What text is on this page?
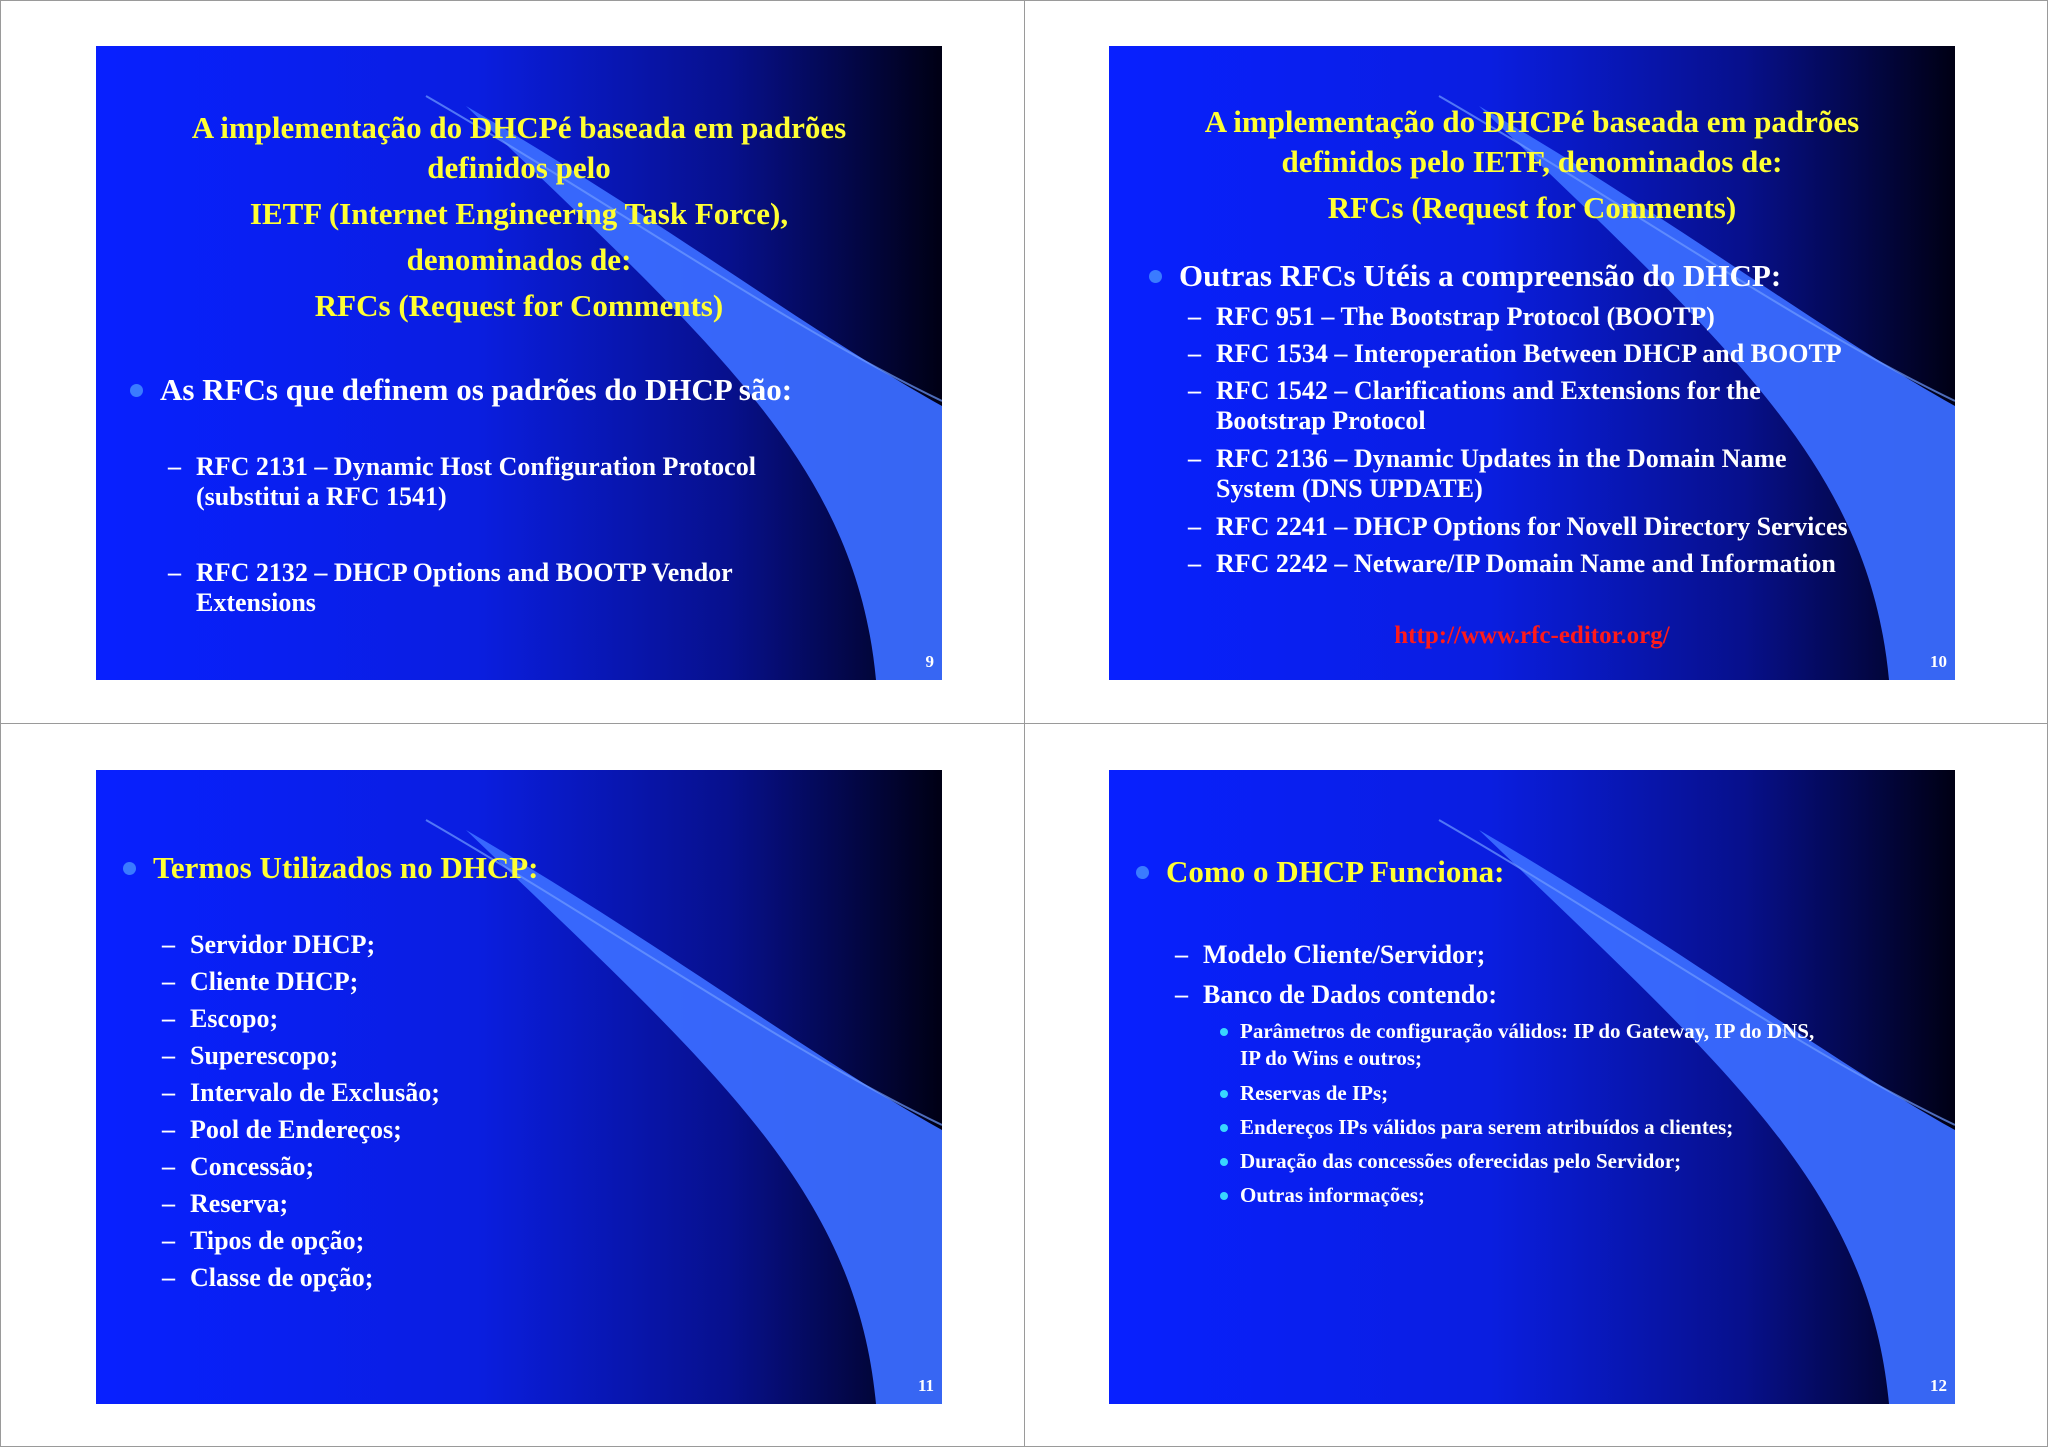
A implementação do DHCPé baseada em padrões
definidos pelo
IETF (Internet Engineering Task Force),
denominados de:
RFCs (Request for Comments)
As RFCs que definem os padrões do DHCP são:
– RFC 2131 – Dynamic Host Configuration Protocol
(substitui a RFC 1541)
– RFC 2132 – DHCP Options and BOOTP Vendor
Extensions
9
A implementação do DHCPé baseada em padrões
definidos pelo IETF, denominados de:
RFCs (Request for Comments)
Outras RFCs Utéis a compreensão do DHCP:
– RFC 951 – The Bootstrap Protocol (BOOTP)
– RFC 1534 – Interoperation Between DHCP and BOOTP
– RFC 1542 – Clarifications and Extensions for the
Bootstrap Protocol
– RFC 2136 – Dynamic Updates in the Domain Name
System (DNS UPDATE)
– RFC 2241 – DHCP Options for Novell Directory Services
– RFC 2242 – Netware/IP Domain Name and Information
http://www.rfc-editor.org/
10
Termos Utilizados no DHCP:
– Servidor DHCP;
– Cliente DHCP;
– Escopo;
– Superescopo;
– Intervalo de Exclusão;
– Pool de Endereços;
– Concessão;
– Reserva;
– Tipos de opção;
– Classe de opção;
11
Como o DHCP Funciona:
– Modelo Cliente/Servidor;
– Banco de Dados contendo:
Parâmetros de configuração válidos: IP do Gateway, IP do DNS,
IP do Wins e outros;
Reservas de IPs;
Endereços IPs válidos para serem atribuídos a clientes;
Duração das concessões oferecidas pelo Servidor;
Outras informações;
12
